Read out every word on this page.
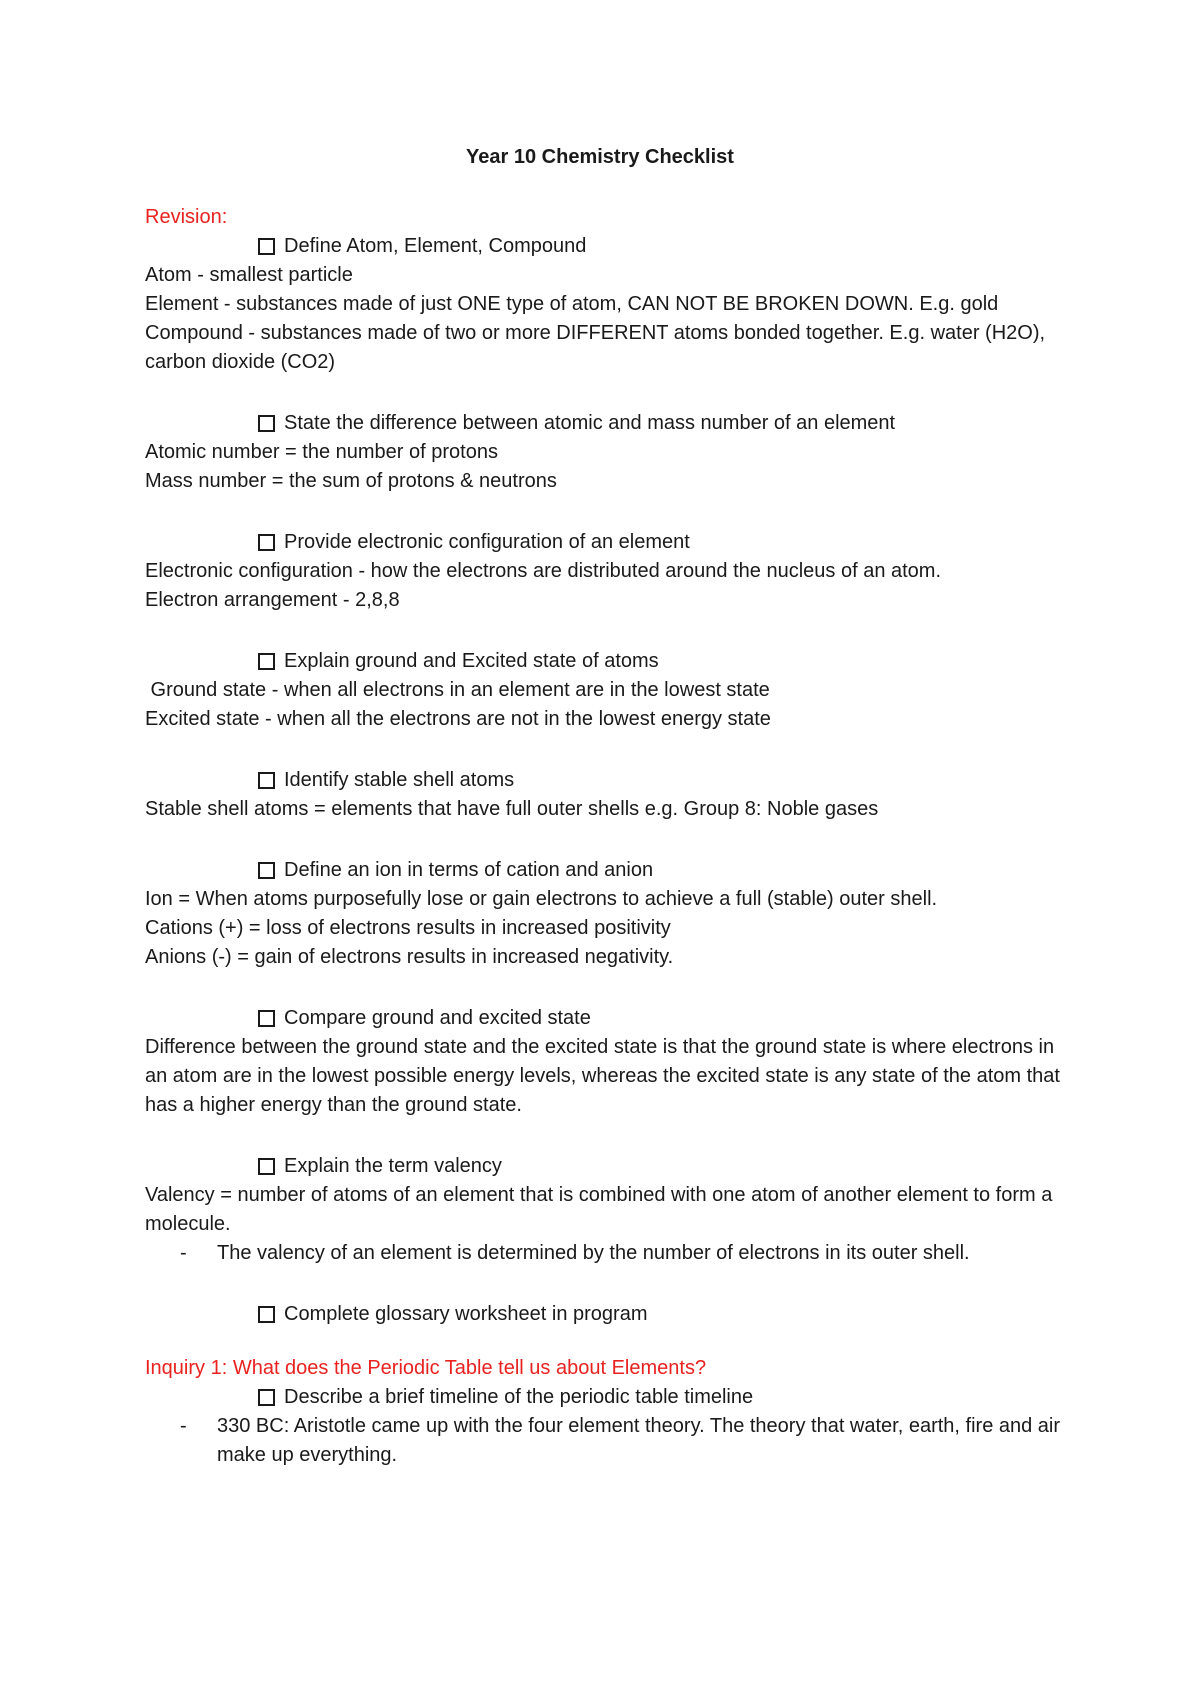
Year 10 Chemistry Checklist
Revision:
Define Atom, Element, Compound
Atom - smallest particle
Element - substances made of just ONE type of atom, CAN NOT BE BROKEN DOWN. E.g. gold
Compound - substances made of two or more DIFFERENT atoms bonded together. E.g. water (H2O), carbon dioxide (CO2)
State the difference between atomic and mass number of an element
Atomic number = the number of protons
Mass number = the sum of protons & neutrons
Provide electronic configuration of an element
Electronic configuration - how the electrons are distributed around the nucleus of an atom.
Electron arrangement - 2,8,8
Explain ground and Excited state of atoms
Ground state - when all electrons in an element are in the lowest state
Excited state - when all the electrons are not in the lowest energy state
Identify stable shell atoms
Stable shell atoms = elements that have full outer shells e.g. Group 8: Noble gases
Define an ion in terms of cation and anion
Ion = When atoms purposefully lose or gain electrons to achieve a full (stable) outer shell.
Cations (+) = loss of electrons results in increased positivity
Anions (-) = gain of electrons results in increased negativity.
Compare ground and excited state
Difference between the ground state and the excited state is that the ground state is where electrons in an atom are in the lowest possible energy levels, whereas the excited state is any state of the atom that has a higher energy than the ground state.
Explain the term valency
Valency = number of atoms of an element that is combined with one atom of another element to form a molecule.
-	The valency of an element is determined by the number of electrons in its outer shell.
Complete glossary worksheet in program
Inquiry 1: What does the Periodic Table tell us about Elements?
Describe a brief timeline of the periodic table timeline
-	330 BC: Aristotle came up with the four element theory. The theory that water, earth, fire and air make up everything.
